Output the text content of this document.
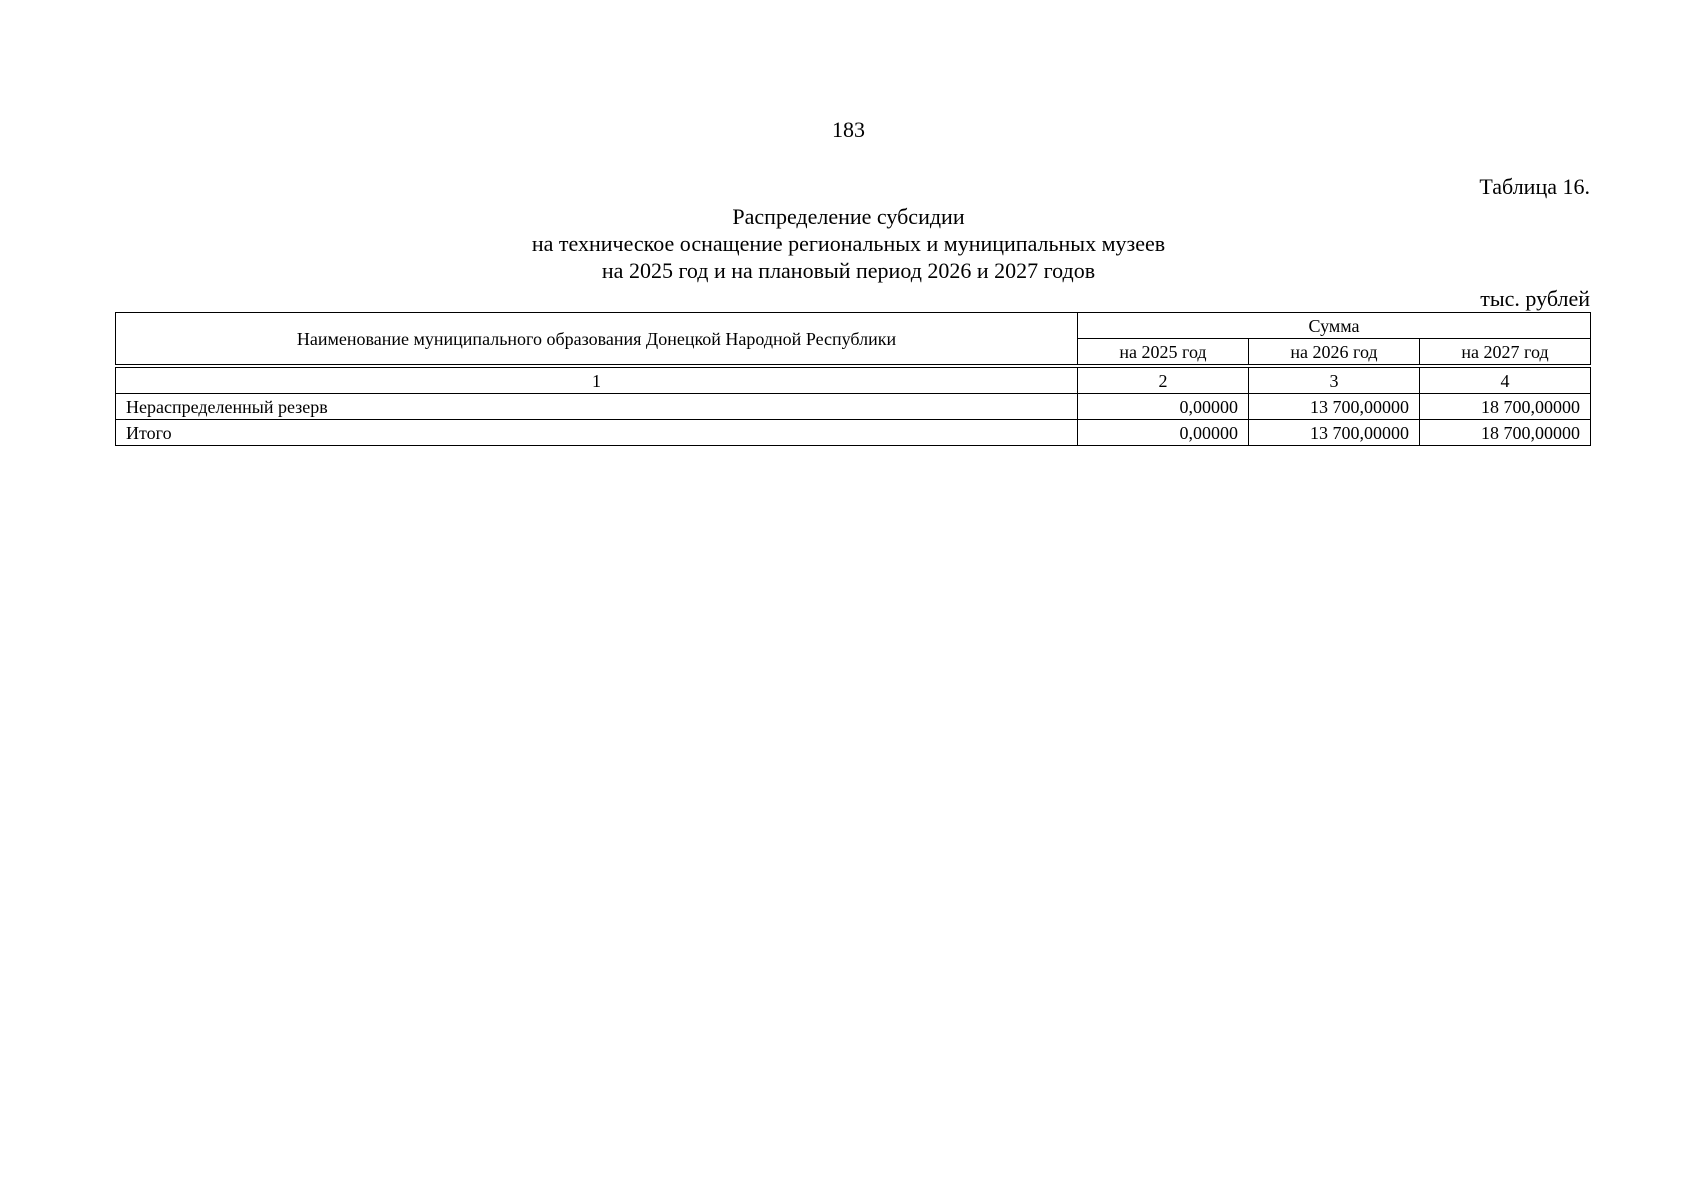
183
Таблица 16.
Распределение субсидии
на техническое оснащение региональных и муниципальных музеев
на 2025 год и на плановый период 2026 и 2027 годов
тыс. рублей
Наименование муниципального образования Донецкой Народной Республики	Сумма		
	на 2025 год	на 2026 год	на 2027 год

1	2	3	4
Нераспределенный резерв	0,00000	13 700,00000	18 700,00000
Итого	0,00000	13 700,00000	18 700,00000
